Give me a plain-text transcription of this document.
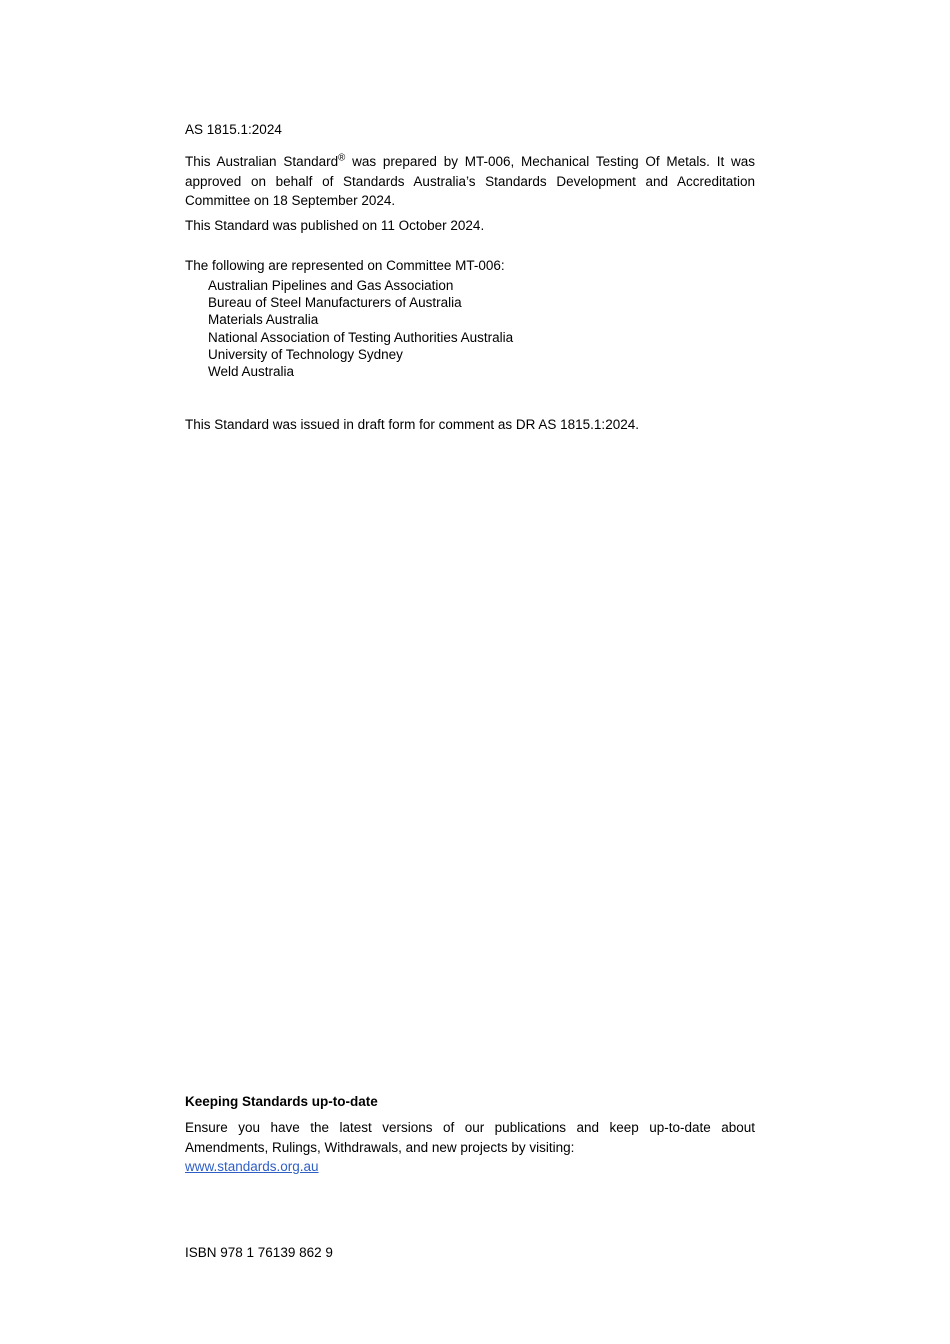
AS 1815.1:2024

This Australian Standard® was prepared by MT-006, Mechanical Testing Of Metals. It was approved on behalf of Standards Australia’s Standards Development and Accreditation Committee on 18 September 2024.

This Standard was published on 11 October 2024.

The following are represented on Committee MT-006:

Australian Pipelines and Gas Association
Bureau of Steel Manufacturers of Australia
Materials Australia
National Association of Testing Authorities Australia
University of Technology Sydney
Weld Australia

This Standard was issued in draft form for comment as DR AS 1815.1:2024.

Keeping Standards up-to-date

Ensure you have the latest versions of our publications and keep up-to-date about Amendments, Rulings, Withdrawals, and new projects by visiting:

www.standards.org.au

ISBN 978 1 76139 862 9
